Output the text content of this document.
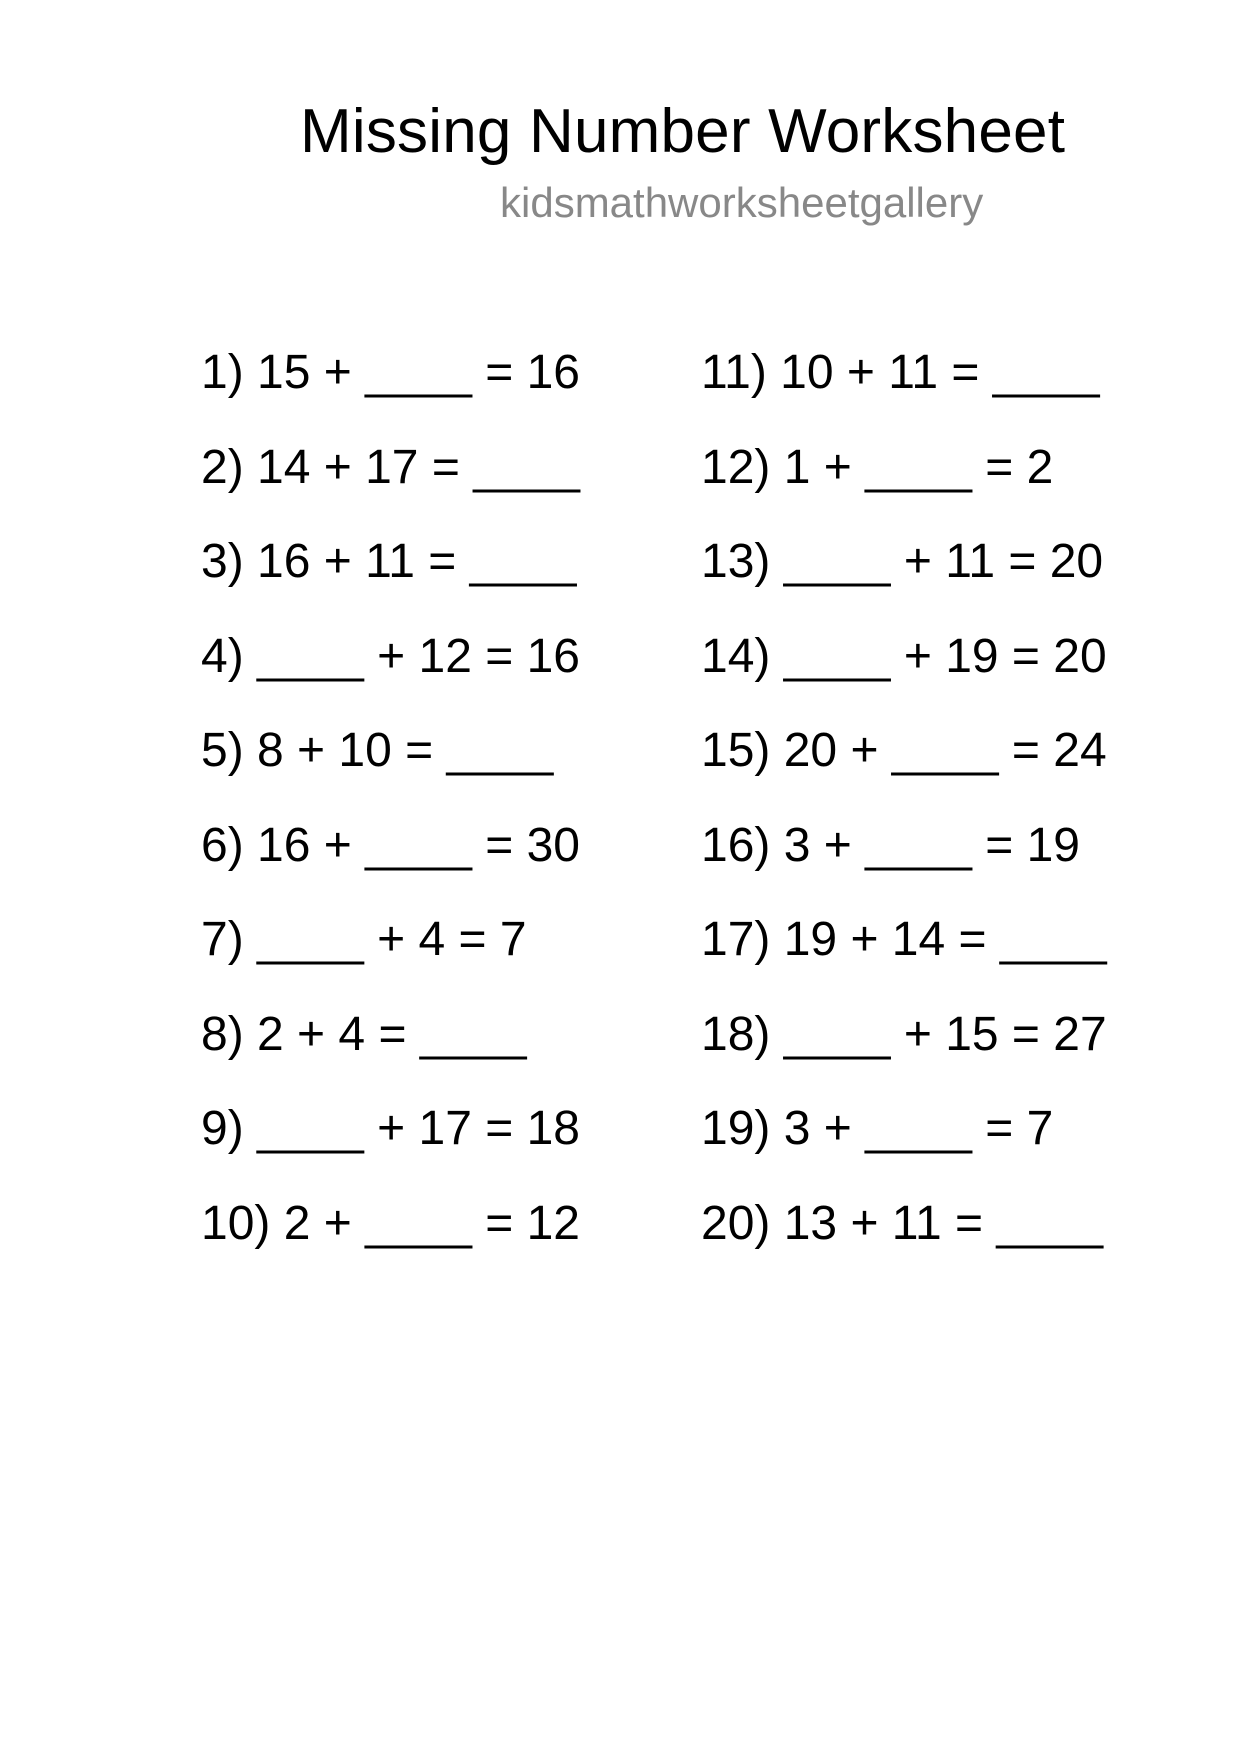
Missing Number Worksheet
kidsmathworksheetgallery
1) 15 + ____ = 16
2) 14 + 17 = ____
3) 16 + 11 = ____
4) ____ + 12 = 16
5) 8 + 10 = ____
6) 16 + ____ = 30
7) ____ + 4 = 7
8) 2 + 4 = ____
9) ____ + 17 = 18
10) 2 + ____ = 12
11) 10 + 11 = ____
12) 1 + ____ = 2
13) ____ + 11 = 20
14) ____ + 19 = 20
15) 20 + ____ = 24
16) 3 + ____ = 19
17) 19 + 14 = ____
18) ____ + 15 = 27
19) 3 + ____ = 7
20) 13 + 11 = ____
